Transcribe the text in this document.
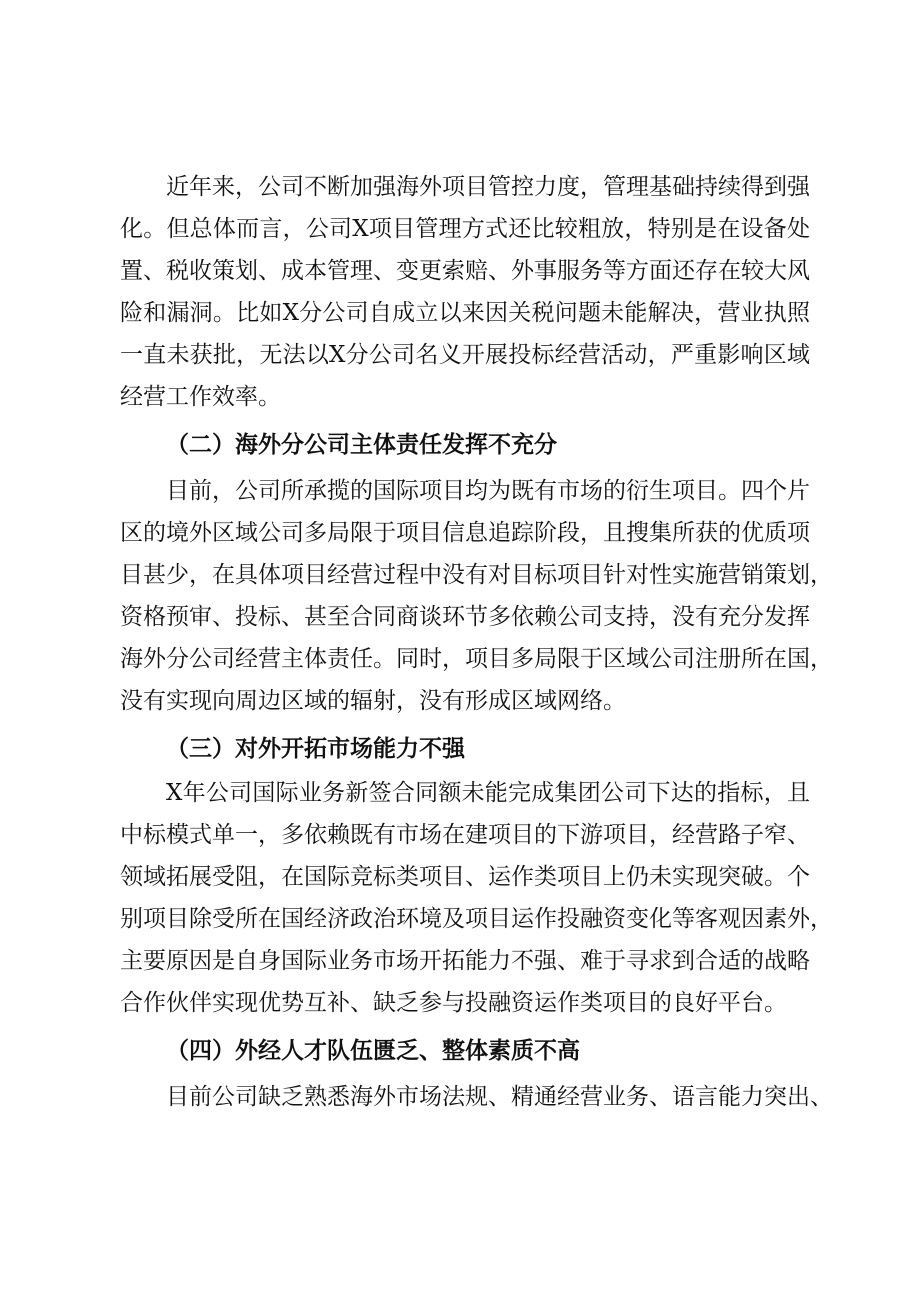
近年来，公司不断加强海外项目管控力度，管理基础持续得到强
化。但总体而言，公司X项目管理方式还比较粗放，特别是在设备处
置、税收策划、成本管理、变更索赔、外事服务等方面还存在较大风
险和漏洞。比如X分公司自成立以来因关税问题未能解决，营业执照
一直未获批，无法以X分公司名义开展投标经营活动，严重影响区域
经营工作效率。
（二）海外分公司主体责任发挥不充分
目前，公司所承揽的国际项目均为既有市场的衍生项目。四个片
区的境外区域公司多局限于项目信息追踪阶段，且搜集所获的优质项
目甚少，在具体项目经营过程中没有对目标项目针对性实施营销策划，
资格预审、投标、甚至合同商谈环节多依赖公司支持，没有充分发挥
海外分公司经营主体责任。同时，项目多局限于区域公司注册所在国，
没有实现向周边区域的辐射，没有形成区域网络。
（三）对外开拓市场能力不强
X年公司国际业务新签合同额未能完成集团公司下达的指标，且
中标模式单一，多依赖既有市场在建项目的下游项目，经营路子窄、
领域拓展受阻，在国际竞标类项目、运作类项目上仍未实现突破。个
别项目除受所在国经济政治环境及项目运作投融资变化等客观因素外，
主要原因是自身国际业务市场开拓能力不强、难于寻求到合适的战略
合作伙伴实现优势互补、缺乏参与投融资运作类项目的良好平台。
（四）外经人才队伍匮乏、整体素质不高
目前公司缺乏熟悉海外市场法规、精通经营业务、语言能力突出、
